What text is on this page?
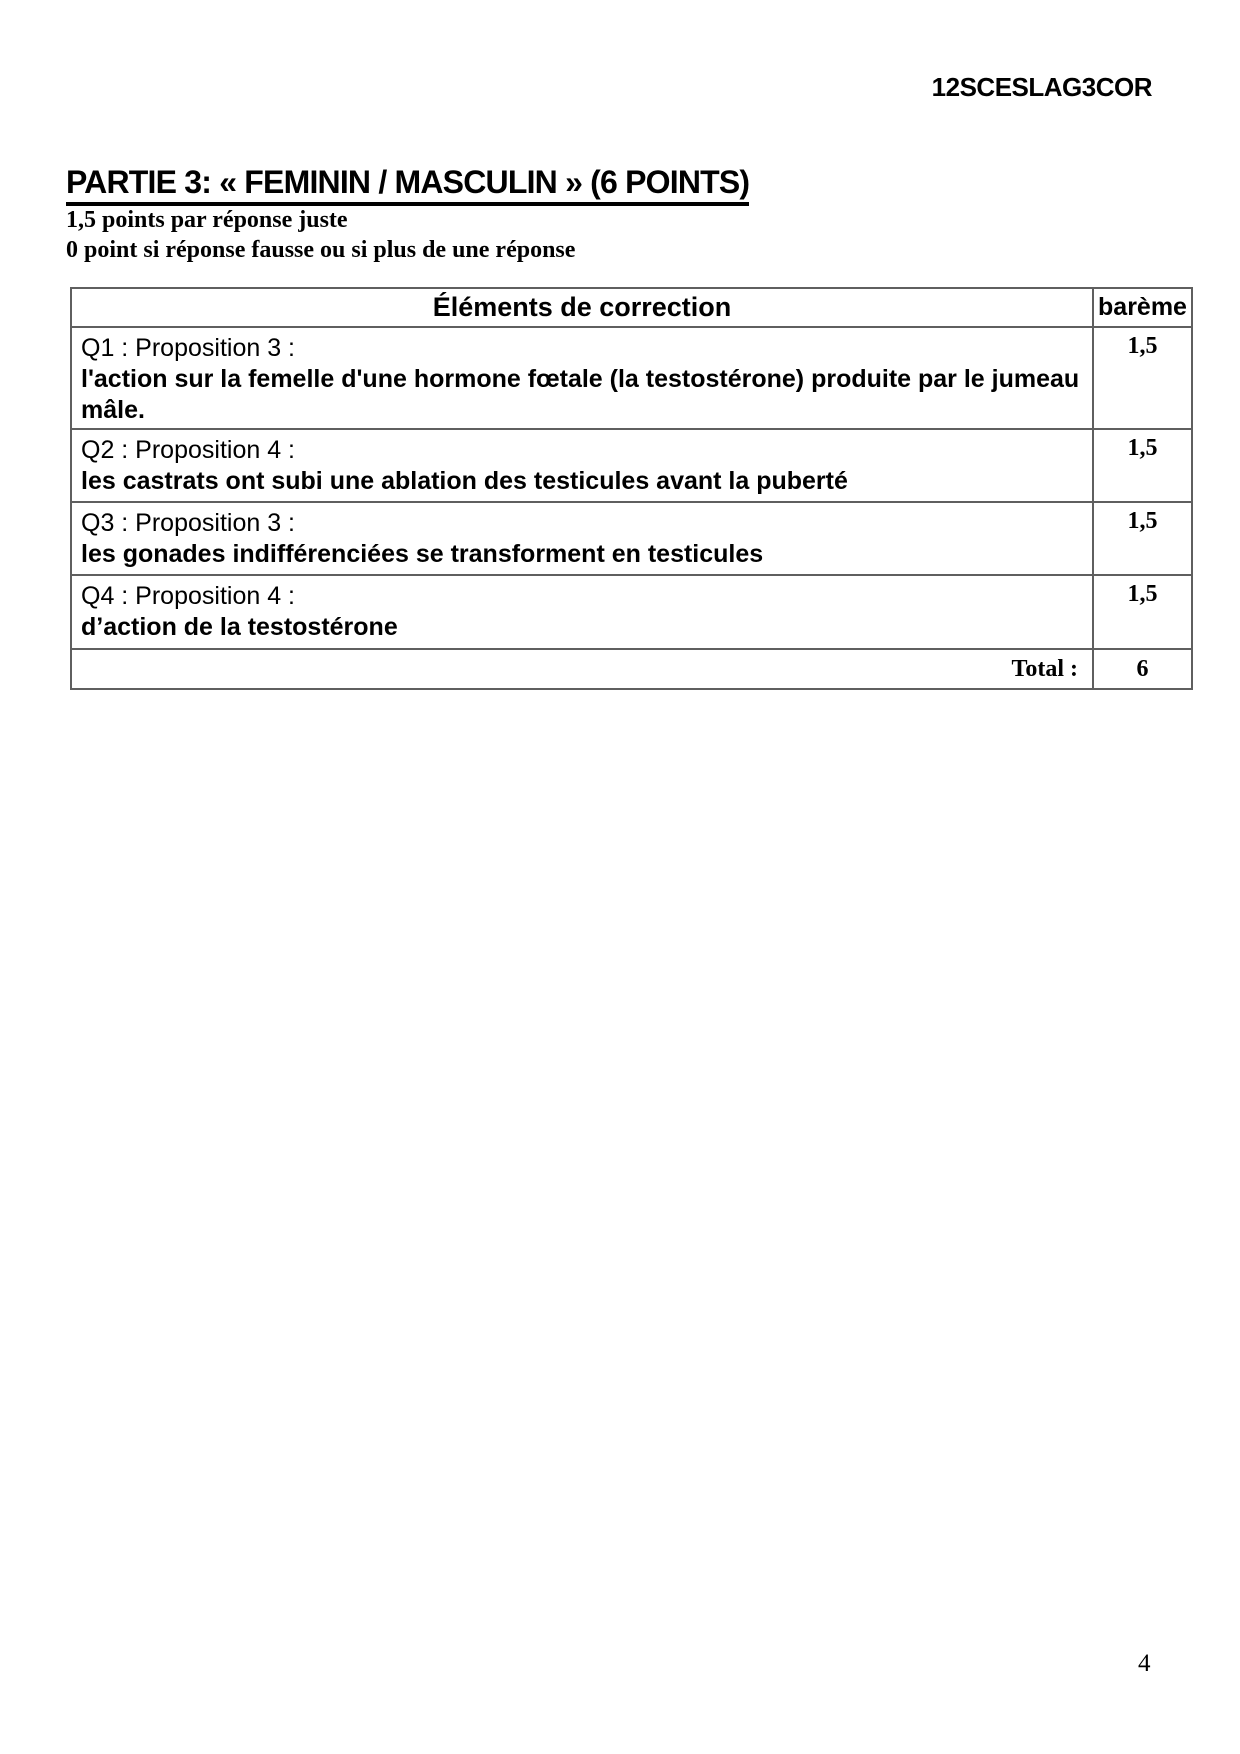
12SCESLAG3COR
PARTIE 3: « FEMININ / MASCULIN » (6 POINTS)
1,5 points par réponse juste
0 point si réponse fausse ou si plus de une réponse
Éléments de correction	barème

Q1 : Proposition 3 :
l'action sur la femelle d'une hormone fœtale (la testostérone) produite par le jumeau mâle.	1,5

Q2 : Proposition 4 :
les castrats ont subi une ablation des testicules avant la puberté	1,5

Q3 : Proposition 3 :
les gonades indifférenciées se transforment en testicules	1,5

Q4 : Proposition 4 :
d’action de la testostérone	1,5
Total :	6
4
